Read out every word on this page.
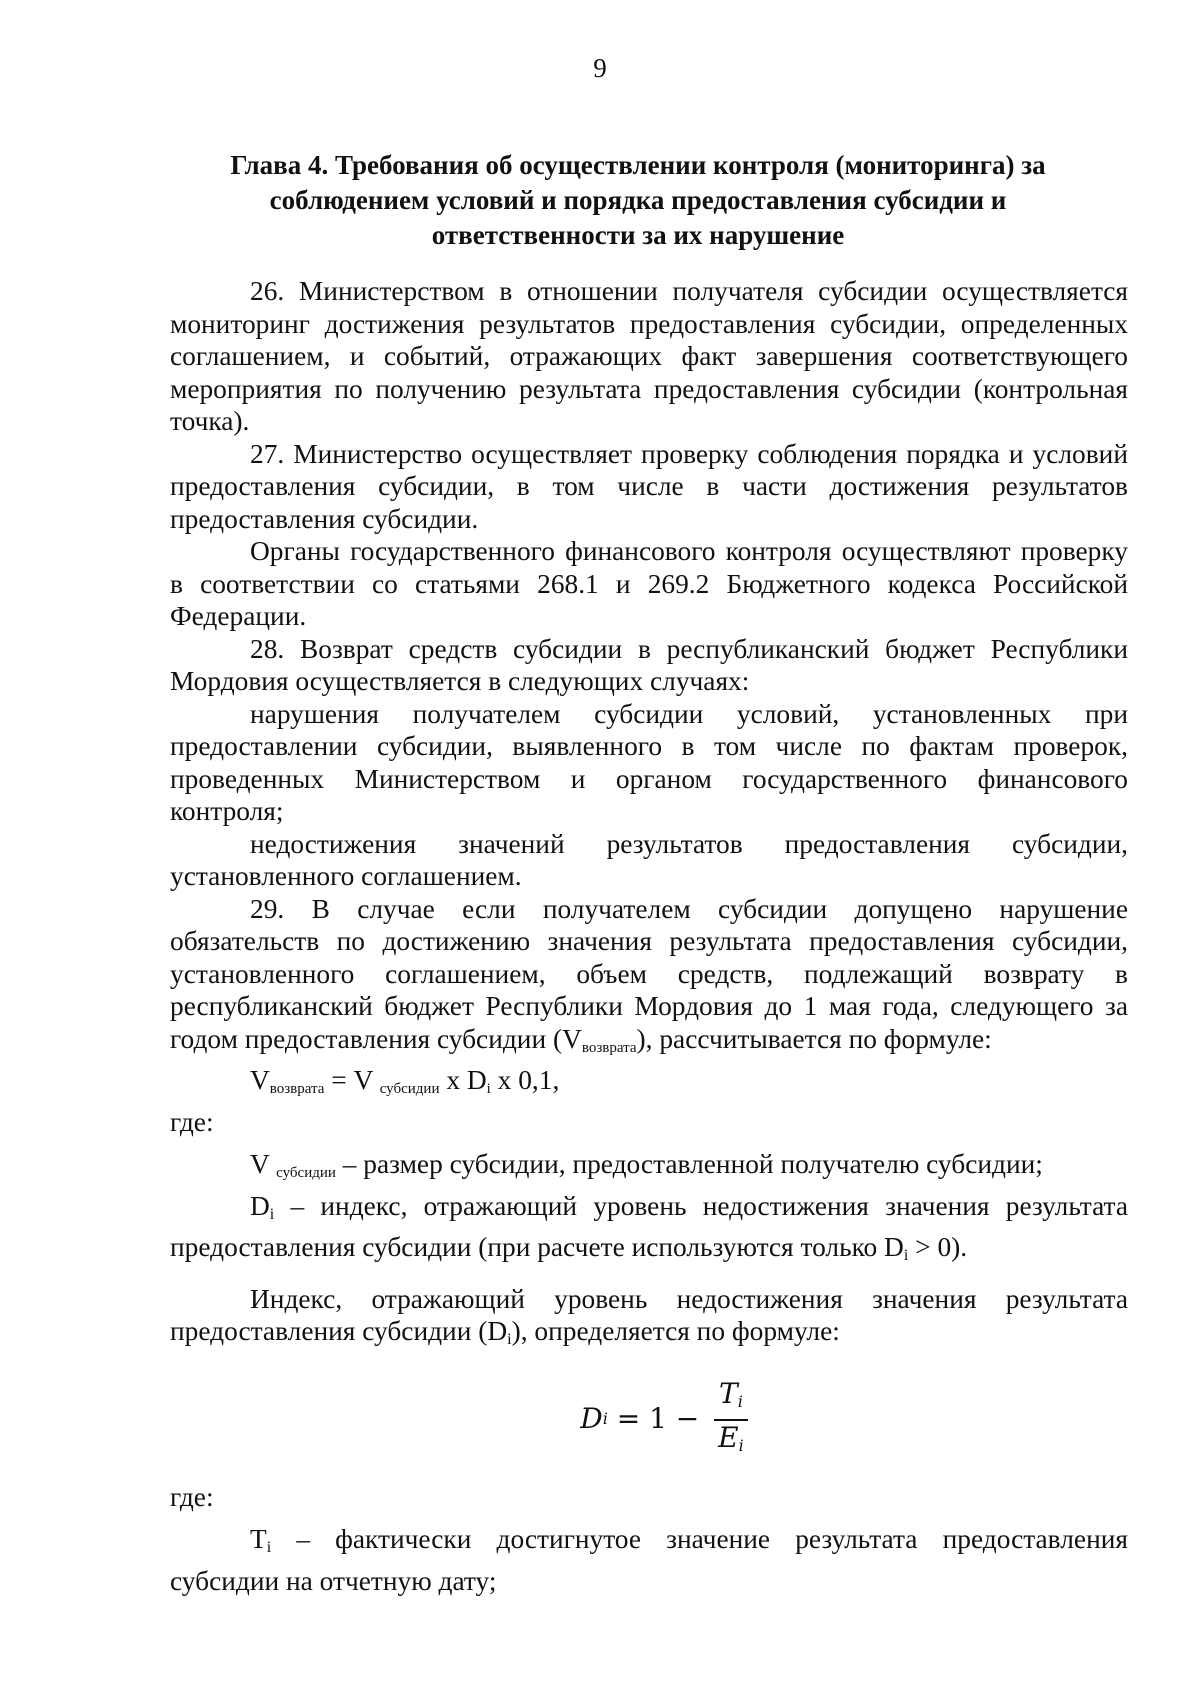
9
Глава 4. Требования об осуществлении контроля (мониторинга) за
соблюдением условий и порядка предоставления субсидии и
ответственности за их нарушение

26. Министерством в отношении получателя субсидии осуществляется мониторинг достижения результатов предоставления субсидии, определенных соглашением, и событий, отражающих факт завершения соответствующего мероприятия по получению результата предоставления субсидии (контрольная точка).

27. Министерство осуществляет проверку соблюдения порядка и условий предоставления субсидии, в том числе в части достижения результатов предоставления субсидии.

Органы государственного финансового контроля осуществляют проверку в соответствии со статьями 268.1 и 269.2 Бюджетного кодекса Российской Федерации.

28. Возврат средств субсидии в республиканский бюджет Республики Мордовия осуществляется в следующих случаях:

нарушения получателем субсидии условий, установленных при предоставлении субсидии, выявленного в том числе по фактам проверок, проведенных Министерством и органом государственного финансового контроля;

недостижения значений результатов предоставления субсидии, установленного соглашением.

29. В случае если получателем субсидии допущено нарушение обязательств по достижению значения результата предоставления субсидии, установленного соглашением, объем средств, подлежащий возврату в республиканский бюджет Республики Мордовия до 1 мая года, следующего за годом предоставления субсидии (Vвозврата), рассчитывается по формуле:

$V_{возврата} = V$ $_{субсидии}$ x $D_i$ x 0,1,

где:

V субсидии – размер субсидии, предоставленной получателю субсидии;

Di – индекс, отражающий уровень недостижения значения результата предоставления субсидии (при расчете используются только Di > 0).

Индекс, отражающий уровень недостижения значения результата предоставления субсидии (Di), определяется по формуле:

D $i = 1 - \frac{Ti}{Ei}$

где:

Ti – фактически достигнутое значение результата предоставления субсидии на отчетную дату;
